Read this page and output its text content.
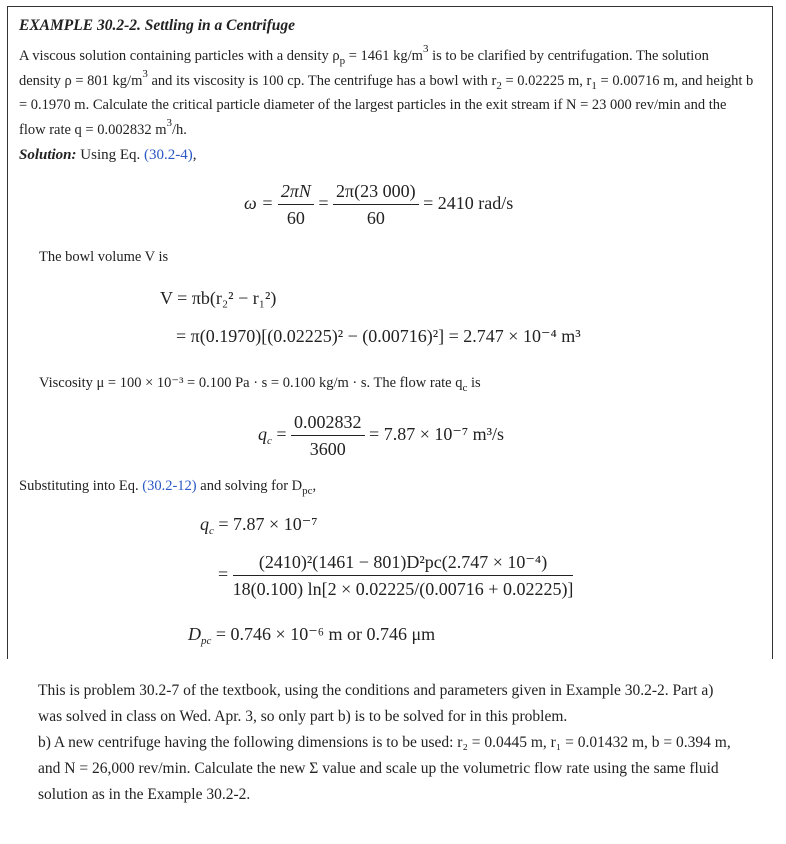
EXAMPLE 30.2-2. Settling in a Centrifuge
A viscous solution containing particles with a density $\rho_p = 1461$ $kg/m^3$ is to be clarified by centrifugation. The solution density ρ = 801 $kg/m^3$ and its viscosity is 100 cp. The centrifuge has a bowl with $r_2 = 0.02225$ m, $r_1 = 0.00716$ m, and height b = 0.1970 m. Calculate the critical particle diameter of the largest particles in the exit stream if N = 23 000 rev/min and the flow rate q = 0.002832 $m^3/h$.
Solution: Using Eq. (30.2-4),
$\omega = \frac{2\pi N}{60} = \frac{2\pi(23 000)}{60} = 2410$ rad/s
The bowl volume V is
V = πb(r₂² − r₁²)
= π(0.1970)[(0.02225)² − (0.00716)²] = 2.747 × 10⁻⁴ m³
Viscosity μ = 100 × 10⁻³ = 0.100 Pa · s = 0.100 kg/m · s. The flow rate $q_c$ is
$q_c = \frac{0.002832}{3600} = 7.87 \times 10^{-7}$ m³/s
Substituting into Eq. (30.2-12) and solving for $D_{pc}$,
$q_c = 7.87 \times 10^{-7}$
= $\frac{\text{(2410)²(1461 − 801)D²pc(2.747 × 10⁻⁴)}}{18(0.100) \ln[2 \times 0.02225/(0.00716 + 0.02225)]}$
$D_{pc} = 0.746 \times 10^{-6}$ m or 0.746 μm
This is problem 30.2-7 of the textbook, using the conditions and parameters given in Example 30.2-2. Part a) was solved in class on Wed. Apr. 3, so only part b) is to be solved for in this problem.
b) A new centrifuge having the following dimensions is to be used: r₂ = 0.0445 m, r₁ = 0.01432 m, b = 0.394 m, and N = 26,000 rev/min. Calculate the new Σ value and scale up the volumetric flow rate using the same fluid solution as in the Example 30.2-2.
